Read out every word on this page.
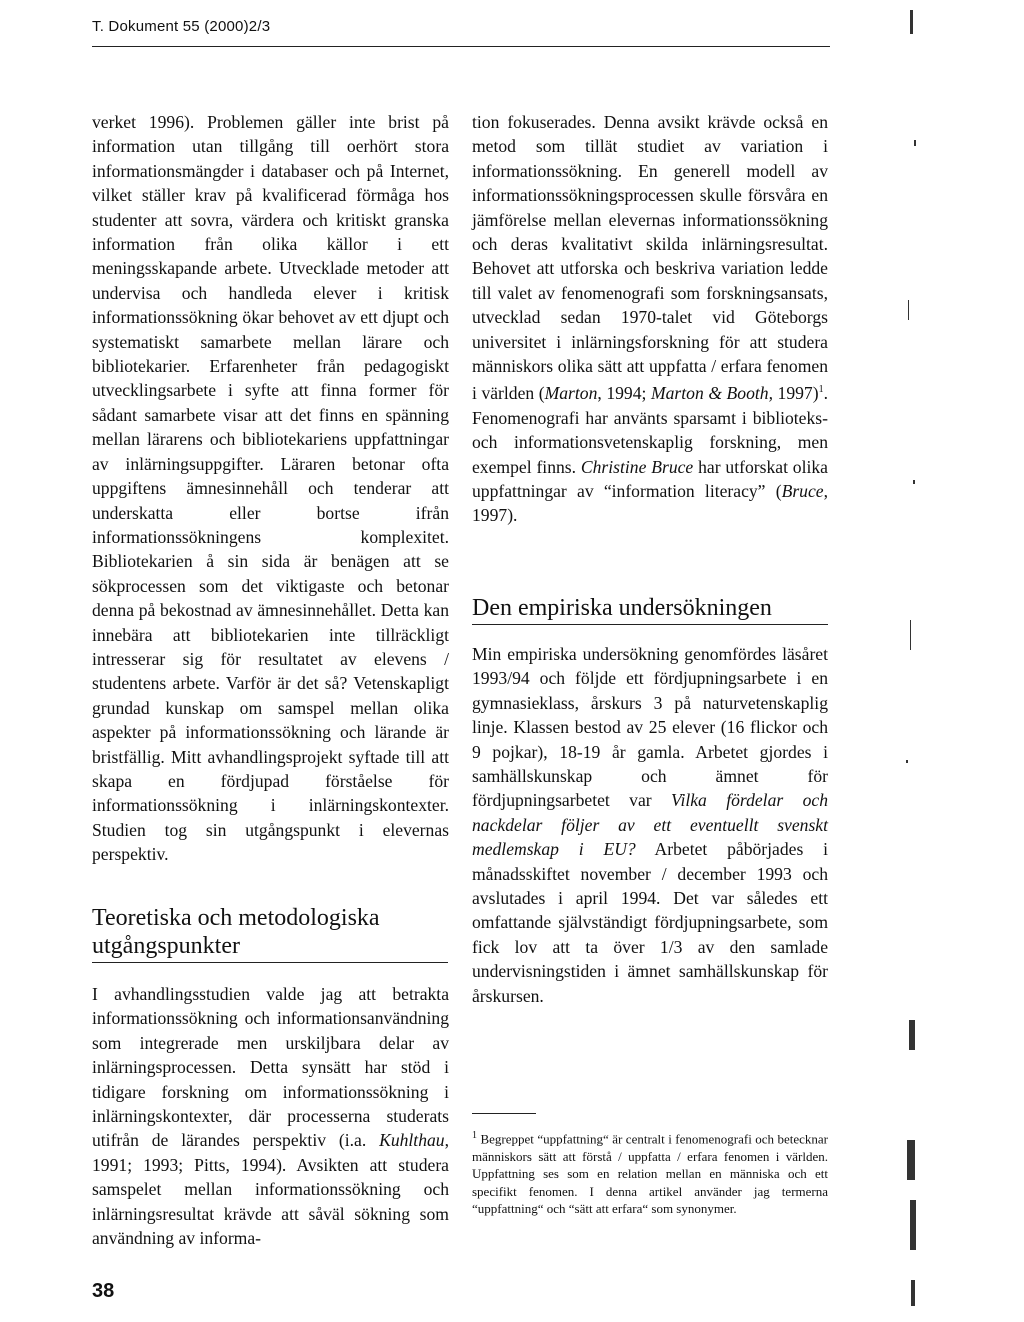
T. Dokument 55 (2000)2/3

verket 1996). Problemen gäller inte brist på information utan tillgång till oerhört stora informationsmängder i databaser och på Internet, vilket ställer krav på kvalificerad förmåga hos studenter att sovra, värdera och kritiskt granska information från olika källor i ett meningsskapande arbete. Utvecklade metoder att undervisa och handleda elever i kritisk informationssökning ökar behovet av ett djupt och systematiskt samarbete mellan lärare och bibliotekarier. Erfarenheter från pedagogiskt utvecklingsarbete i syfte att finna former för sådant samarbete visar att det finns en spänning mellan lärarens och bibliotekariens uppfattningar av inlärningsuppgifter. Läraren betonar ofta uppgiftens ämnesinnehåll och tenderar att underskatta eller bortse ifrån informationssökningens komplexitet. Bibliotekarien å sin sida är benägen att se sökprocessen som det viktigaste och betonar denna på bekostnad av ämnesinnehållet. Detta kan innebära att bibliotekarien inte tillräckligt intresserar sig för resultatet av elevens / studentens arbete. Varför är det så? Vetenskapligt grundad kunskap om samspel mellan olika aspekter på informationssökning och lärande är bristfällig. Mitt avhandlingsprojekt syftade till att skapa en fördjupad förståelse för informationssökning i inlärningskontexter. Studien tog sin utgångspunkt i elevernas perspektiv.

Teoretiska och metodologiska utgångspunkter

I avhandlingsstudien valde jag att betrakta informationssökning och informationsanvändning som integrerade men urskiljbara delar av inlärningsprocessen. Detta synsätt har stöd i tidigare forskning om informationssökning i inlärningskontexter, där processerna studerats utifrån de lärandes perspektiv (i.a. Kuhlthau, 1991; 1993; Pitts, 1994). Avsikten att studera samspelet mellan informationssökning och inlärningsresultat krävde att såväl sökning som användning av informa-

tion fokuserades. Denna avsikt krävde också en metod som tillät studiet av variation i informationssökning. En generell modell av informationssökningsprocessen skulle försvåra en jämförelse mellan elevernas informationssökning och deras kvalitativt skilda inlärningsresultat. Behovet att utforska och beskriva variation ledde till valet av fenomenografi som forskningsansats, utvecklad sedan 1970-talet vid Göteborgs universitet i inlärningsforskning för att studera människors olika sätt att uppfatta / erfara fenomen i världen (Marton, 1994; Marton & Booth, 1997)$^1$. Fenomenografi har använts sparsamt i biblioteks- och informationsvetenskaplig forskning, men exempel finns. Christine Bruce har utforskat olika uppfattningar av “information literacy” (Bruce, 1997).

Den empiriska undersökningen

Min empiriska undersökning genomfördes läsåret 1993/94 och följde ett fördjupningsarbete i en gymnasieklass, årskurs 3 på naturvetenskaplig linje. Klassen bestod av 25 elever (16 flickor och 9 pojkar), 18-19 år gamla. Arbetet gjordes i samhällskunskap och ämnet för fördjupningsarbetet var Vilka fördelar och nackdelar följer av ett eventuellt svenskt medlemskap i EU? Arbetet påbörjades i månadsskiftet november / december 1993 och avslutades i april 1994. Det var således ett omfattande självständigt fördjupningsarbete, som fick lov att ta över 1/3 av den samlade undervisningstiden i ämnet samhällskunskap för årskursen.

$^1$ Begreppet “uppfattning“ är centralt i fenomenografi och betecknar människors sätt att förstå / uppfatta / erfara fenomen i världen. Uppfattning ses som en relation mellan en människa och ett specifikt fenomen. I denna artikel använder jag termerna “uppfattning“ och “sätt att erfara“ som synonymer.
38
